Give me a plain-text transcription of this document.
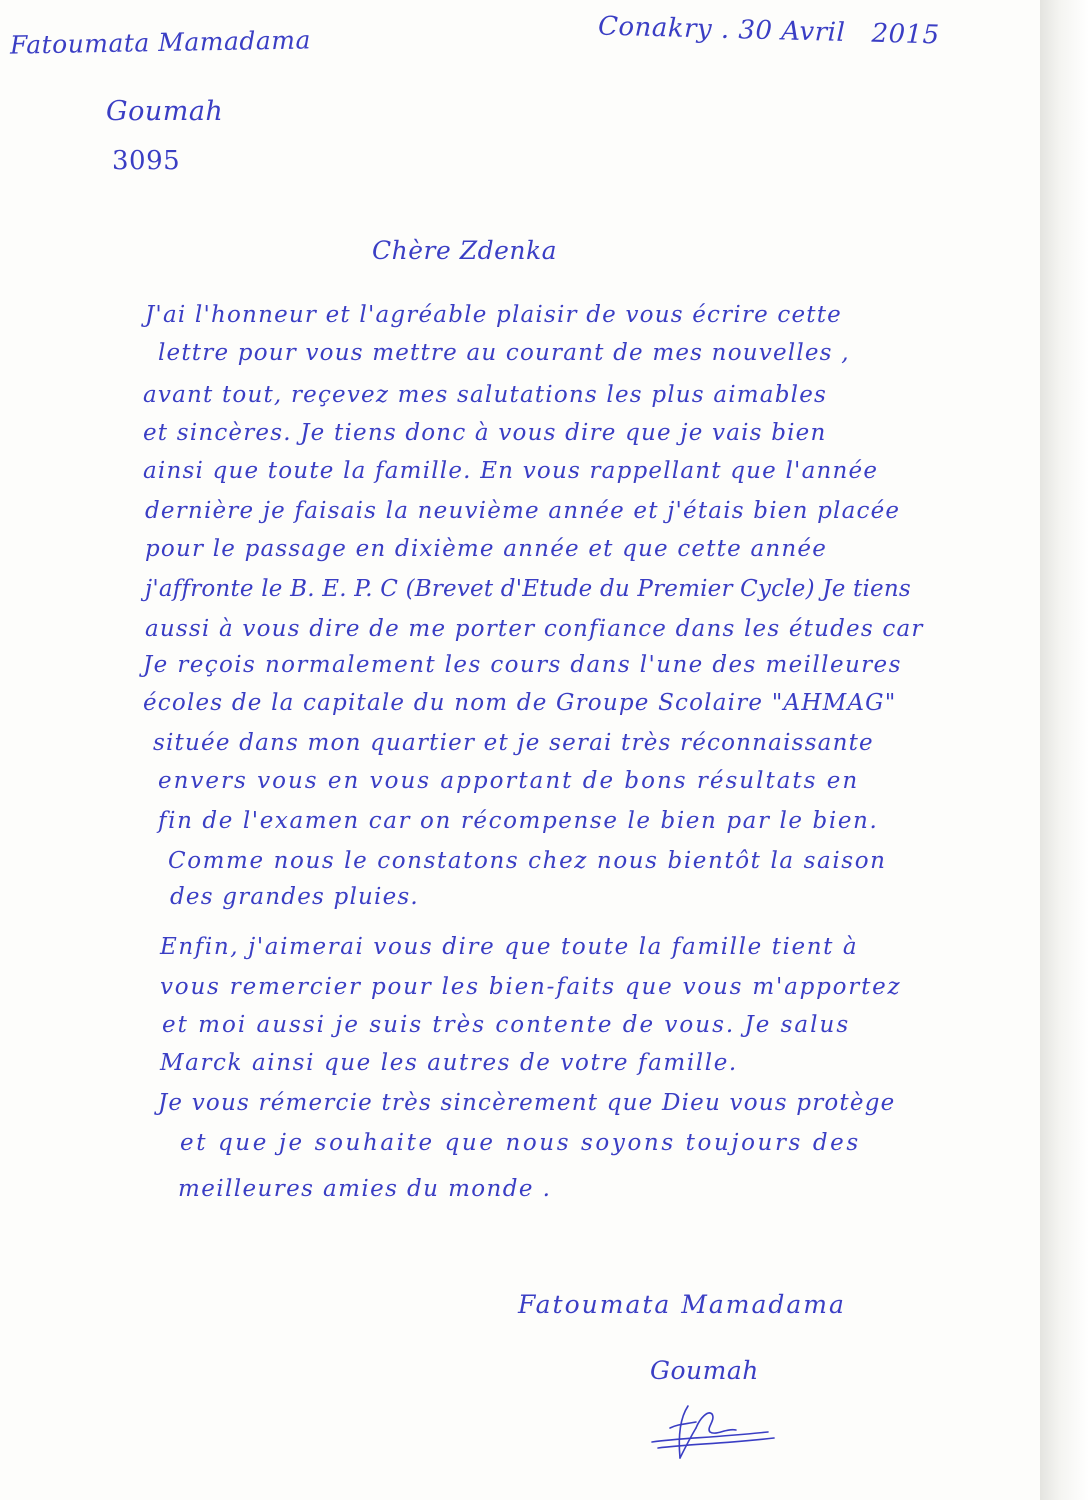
Fatoumata Mamadama
Goumah
3095
Conakry . 30 Avril   2015
Chère Zdenka
J'ai l'honneur et l'agréable plaisir de vous écrire cette
lettre pour vous mettre au courant de mes nouvelles ,
avant tout, reçevez mes salutations les plus aimables
et sincères. Je tiens donc à vous dire que je vais bien
ainsi que toute la famille. En vous rappellant que l'année
dernière je faisais la neuvième année et j'étais bien placée
pour le passage en dixième année et que cette année
j'affronte le B. E. P. C (Brevet d'Etude du Premier Cycle) Je tiens
aussi à vous dire de me porter confiance dans les études car
Je reçois normalement les cours dans l'une des meilleures
écoles de la capitale du nom de Groupe Scolaire "AHMAG"
située dans mon quartier et je serai très réconnaissante
envers vous en vous apportant de bons résultats en
fin de l'examen car on récompense le bien par le bien.
Comme nous le constatons chez nous bientôt la saison
des grandes pluies.
Enfin, j'aimerai vous dire que toute la famille tient à
vous remercier pour les bien-faits que vous m'apportez
et moi aussi je suis très contente de vous. Je salus
Marck ainsi que les autres de votre famille.
Je vous rémercie très sincèrement que Dieu vous protège
et que je souhaite que nous soyons toujours des
meilleures amies du monde .
Fatoumata Mamadama
Goumah
